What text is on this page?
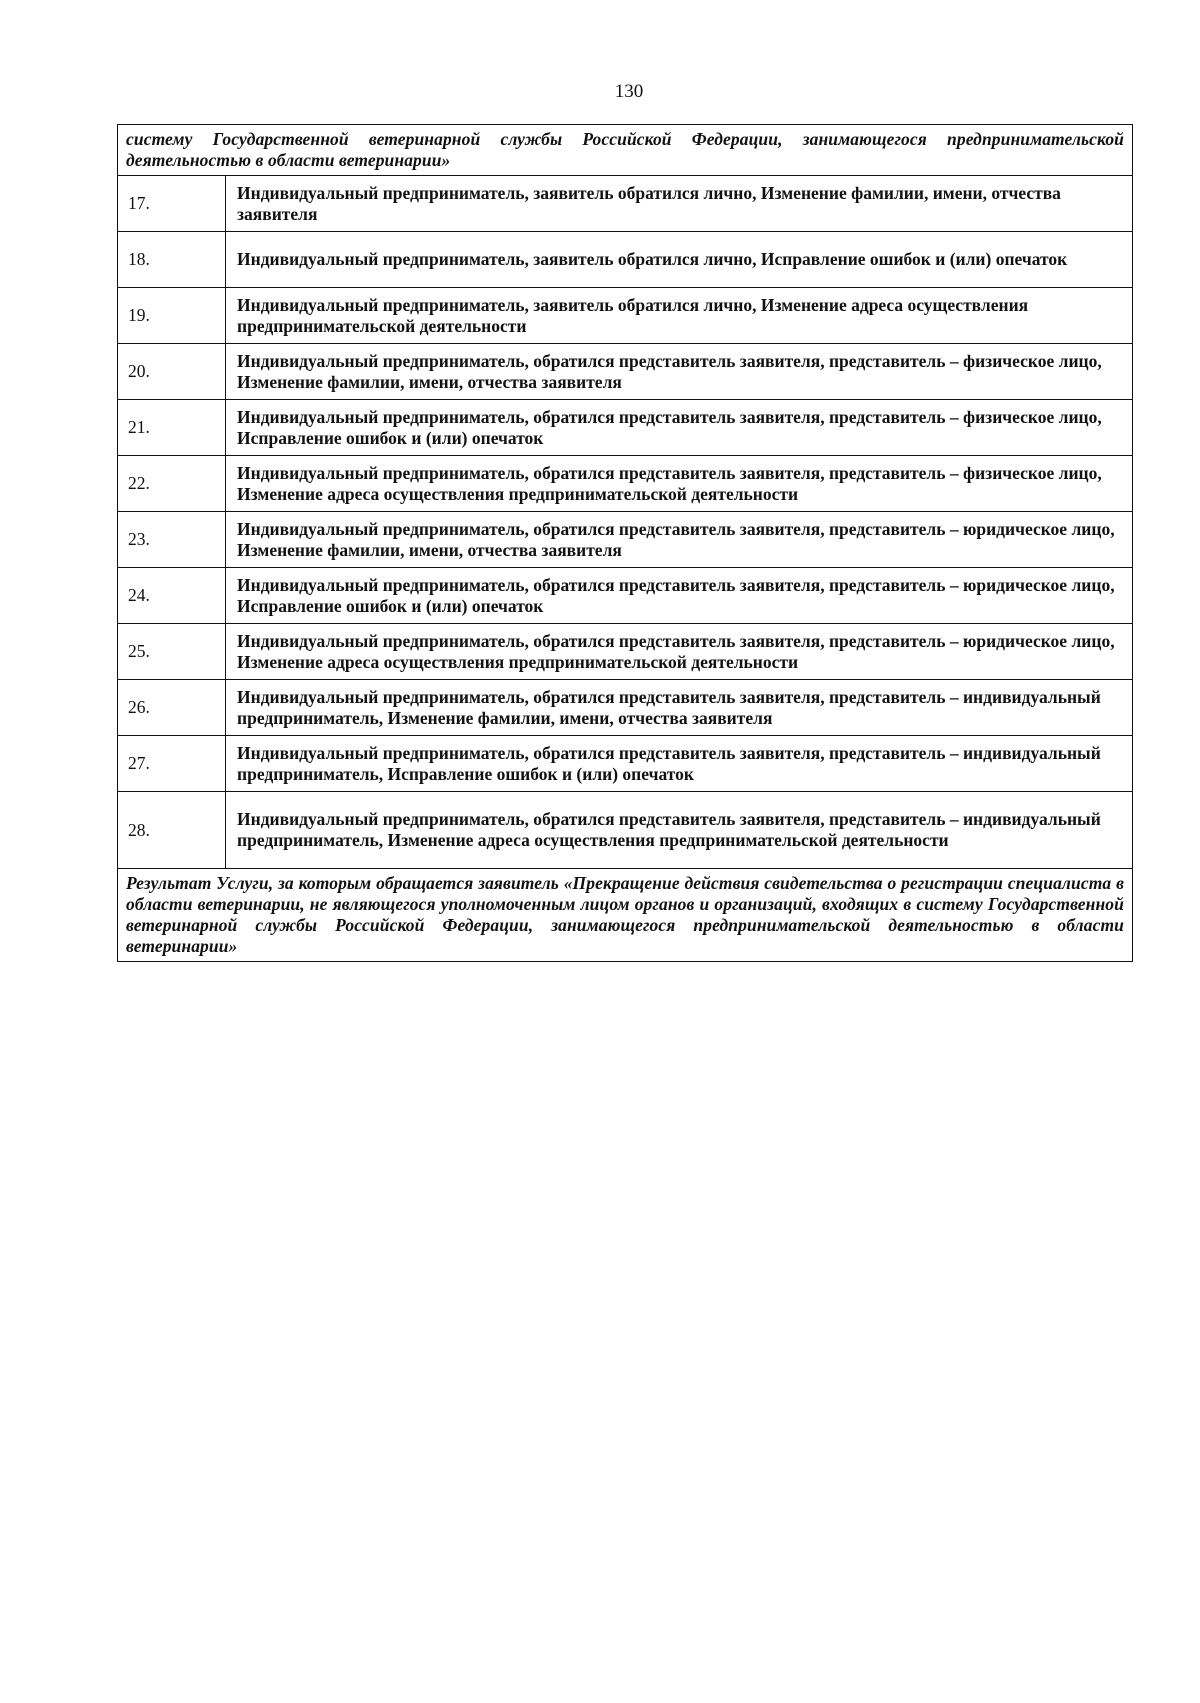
130
систему Государственной ветеринарной службы Российской Федерации, занимающегося предпринимательской деятельностью в области ветеринарии»	
17.	Индивидуальный предприниматель, заявитель обратился лично, Изменение фамилии, имени, отчества заявителя
18.	Индивидуальный предприниматель, заявитель обратился лично, Исправление ошибок и (или) опечаток
19.	Индивидуальный предприниматель, заявитель обратился лично, Изменение адреса осуществления предпринимательской деятельности
20.	Индивидуальный предприниматель, обратился представитель заявителя, представитель – физическое лицо, Изменение фамилии, имени, отчества заявителя
21.	Индивидуальный предприниматель, обратился представитель заявителя, представитель – физическое лицо, Исправление ошибок и (или) опечаток
22.	Индивидуальный предприниматель, обратился представитель заявителя, представитель – физическое лицо, Изменение адреса осуществления предпринимательской деятельности
23.	Индивидуальный предприниматель, обратился представитель заявителя, представитель – юридическое лицо, Изменение фамилии, имени, отчества заявителя
24.	Индивидуальный предприниматель, обратился представитель заявителя, представитель – юридическое лицо, Исправление ошибок и (или) опечаток
25.	Индивидуальный предприниматель, обратился представитель заявителя, представитель – юридическое лицо, Изменение адреса осуществления предпринимательской деятельности
26.	Индивидуальный предприниматель, обратился представитель заявителя, представитель – индивидуальный предприниматель, Изменение фамилии, имени, отчества заявителя
27.	Индивидуальный предприниматель, обратился представитель заявителя, представитель – индивидуальный предприниматель, Исправление ошибок и (или) опечаток
28.	Индивидуальный предприниматель, обратился представитель заявителя, представитель – индивидуальный предприниматель, Изменение адреса осуществления предпринимательской деятельности
Результат Услуги, за которым обращается заявитель «Прекращение действия свидетельства о регистрации специалиста в области ветеринарии, не являющегося уполномоченным лицом органов и организаций, входящих в систему Государственной ветеринарной службы Российской Федерации, занимающегося предпринимательской деятельностью в области ветеринарии»	
